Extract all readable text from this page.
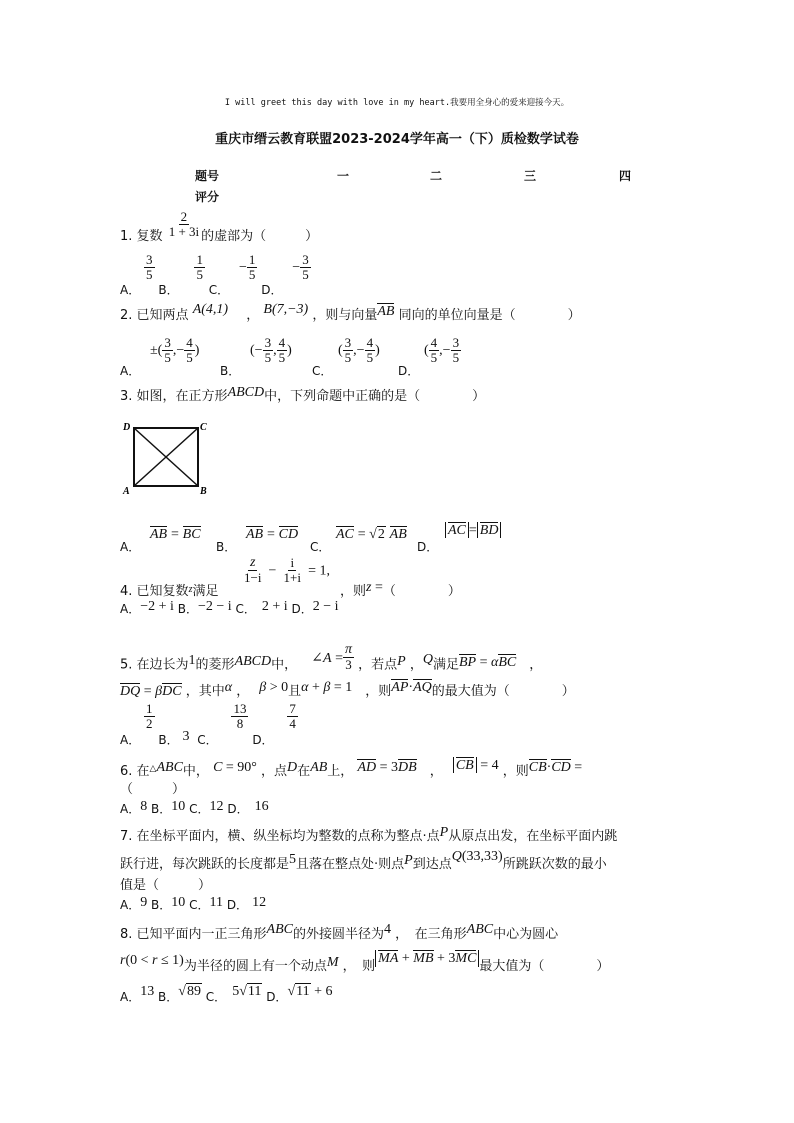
I will greet this day with love in my heart.我要用全身心的爱来迎接今天。
重庆市缙云教育联盟2023-2024学年高一（下）质检数学试卷
题号	一	二	三	四
评分
1. 复数 $\frac{2}{1 + 3i}$ 的虚部为（　　　）
A．
$\frac{3}{5}$
B．
$\frac{1}{5}$
C． − $\frac{1}{5}$
D． − $\frac{3}{5}$
2. 已知两点 A(4,1) ， B(7,−3) ，则与向量AB 同向的单位向量是（　　　　）
A．
±( $\frac{3}{5}$ ,− $\frac{4}{5}$ )
B．
(− $\frac{3}{5}$ , $\frac{4}{5}$ )
C．
( $\frac{3}{5}$ ,− $\frac{4}{5}$ )
D．
( $\frac{4}{5}$ ,− $\frac{3}{5}$
3. 如图，在正方形ABCD中，下列命题中正确的是（　　　　）
D	C
A	B
A．
AB = BC
B．
AB = CD
C．
AC = √2 AB
D．
AC = BD
4. 已知复数$^z$满足
$\frac{z}{1-i} - \frac{i}{1+i} = 1$,
，则z =（　　　　）
A．−2 + i B．−2 − i C． 2 + i D．2 − i
5. 在边长为1的菱形ABCD中， ∠A = $\frac{\pi}{3}$ ，若点P ，Q满足BP = αBC　，
DQ = βDC ，其中α ， β > 0且α + β = 1　，则AP·AQ的最大值为（　　　　）
A．
$\frac{1}{2}$
B． 3 C．
$\frac{13}{8}$
D．
$\frac{7}{4}$
6. 在△ABC中， C = 90° ，点D在AB上， AD = 3DB　， CB = 4 ，则CB·CD =
（　　　）
A．8 B．10 C．12 D． 16
7. 在坐标平面内，横、纵坐标均为整数的点称为整点·点P从原点出发，在坐标平面内跳
跃行进，每次跳跃的长度都是5且落在整点处·则点P到达点Q(33,33)所跳跃次数的最小
值是（　　　）
A．9 B．10 C．11 D． 12
8. 已知平面内一正三角形ABC的外接圆半径为4 ，　在三角形ABC中心为圆心
r(0 < r ≤ 1)为半径的圆上有一个动点M ，　则MA + MB + 3MC最大值为（　　　　）
A．13 B．√89 C． 5√11 D．√11 + 6
